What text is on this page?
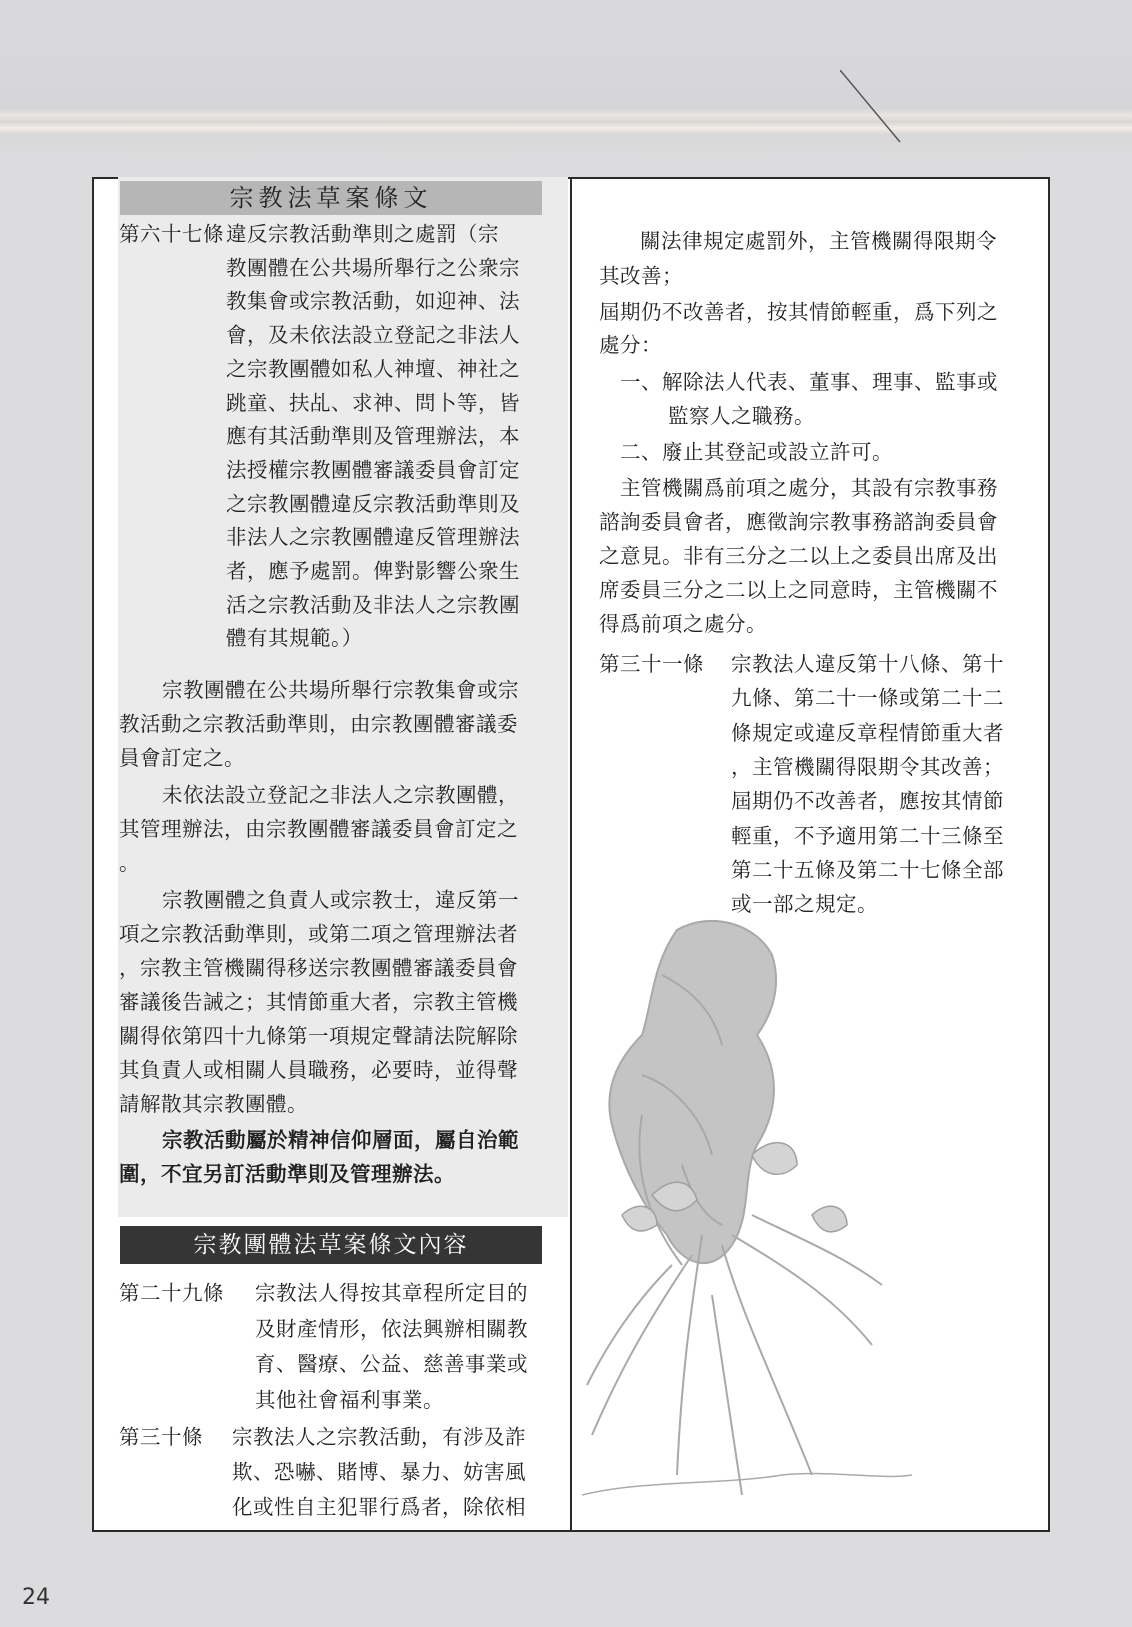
宗教法草案條文
第六十七條 違反宗教活動準則之處罰（宗
教團體在公共場所舉行之公衆宗
教集會或宗教活動，如迎神、法
會，及未依法設立登記之非法人
之宗教團體如私人神壇、神社之
跳童、扶乩、求神、問卜等，皆
應有其活動準則及管理辦法，本
法授權宗教團體審議委員會訂定
之宗教團體違反宗教活動準則及
非法人之宗教團體違反管理辦法
者，應予處罰。俾對影響公衆生
活之宗教活動及非法人之宗教團
體有其規範。）
宗教團體在公共場所舉行宗教集會或宗
教活動之宗教活動準則，由宗教團體審議委
員會訂定之。
未依法設立登記之非法人之宗教團體，
其管理辦法，由宗教團體審議委員會訂定之
。
宗教團體之負責人或宗教士，違反第一
項之宗教活動準則，或第二項之管理辦法者
，宗教主管機關得移送宗教團體審議委員會
審議後告誡之；其情節重大者，宗教主管機
關得依第四十九條第一項規定聲請法院解除
其負責人或相關人員職務，必要時，並得聲
請解散其宗教團體。
宗教活動屬於精神信仰層面，屬自治範
圍，不宜另訂活動準則及管理辦法。
宗教團體法草案條文內容
第二十九條 宗教法人得按其章程所定目的
及財產情形，依法興辦相關教
育、醫療、公益、慈善事業或
其他社會福利事業。
第三十條 宗教法人之宗教活動，有涉及詐
欺、恐嚇、賭博、暴力、妨害風
化或性自主犯罪行爲者，除依相
關法律規定處罰外，主管機關得限期令
其改善；
屆期仍不改善者，按其情節輕重，爲下列之
處分：
一、解除法人代表、董事、理事、監事或
監察人之職務。
二、廢止其登記或設立許可。
主管機關爲前項之處分，其設有宗教事務
諮詢委員會者，應徵詢宗教事務諮詢委員會
之意見。非有三分之二以上之委員出席及出
席委員三分之二以上之同意時，主管機關不
得爲前項之處分。
第三十一條 宗教法人違反第十八條、第十
九條、第二十一條或第二十二
條規定或違反章程情節重大者
，主管機關得限期令其改善；
屆期仍不改善者，應按其情節
輕重，不予適用第二十三條至
第二十五條及第二十七條全部
或一部之規定。
24
